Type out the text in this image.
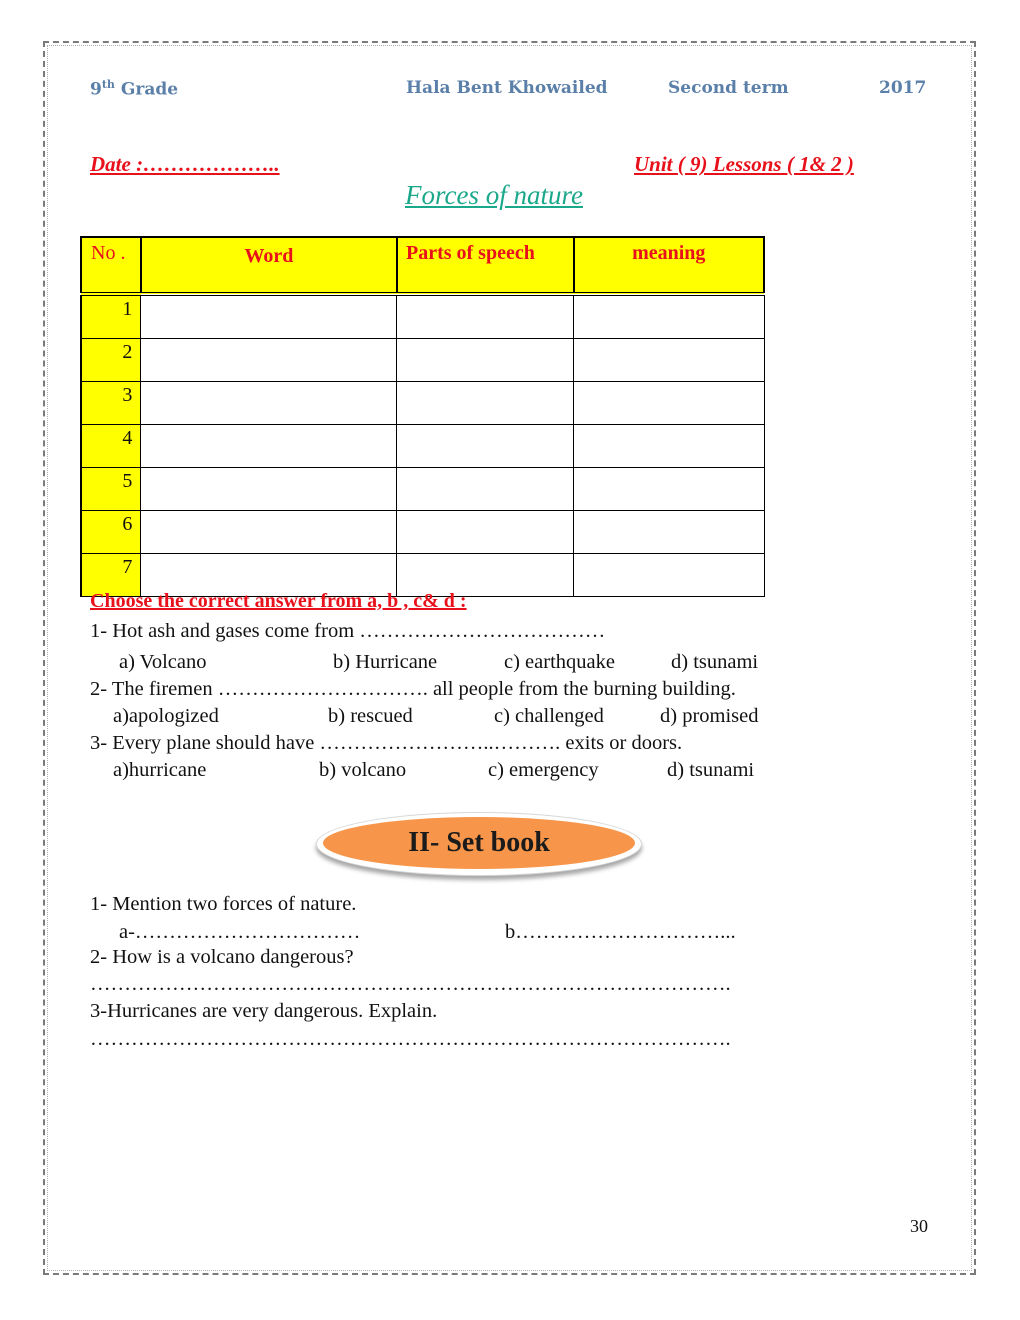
9th Grade	Hala Bent Khowailed	Second term	2017
Date :………………..	Unit ( 9) Lessons ( 1& 2 )
Forces of nature
No .	Word	Parts of speech	meaning
1			
2			
3			
4			
5			
6			
7			
Choose the correct answer from a, b , c& d :
1- Hot ash and gases come from ………………………………
a) Volcano	b) Hurricane	c) earthquake	d) tsunami
2- The firemen …………………………. all people from the burning building.
a)apologized	b) rescued	c) challenged	d) promised
3- Every plane should have ……………………..………. exits or doors.
a)hurricane	b) volcano	c) emergency	d) tsunami
II- Set book
1- Mention two forces of nature.
a-……………………………	b…………………………...
2- How is a volcano dangerous?
………………………………………………………………………………….
3-Hurricanes are very dangerous. Explain.
………………………………………………………………………………….
30
